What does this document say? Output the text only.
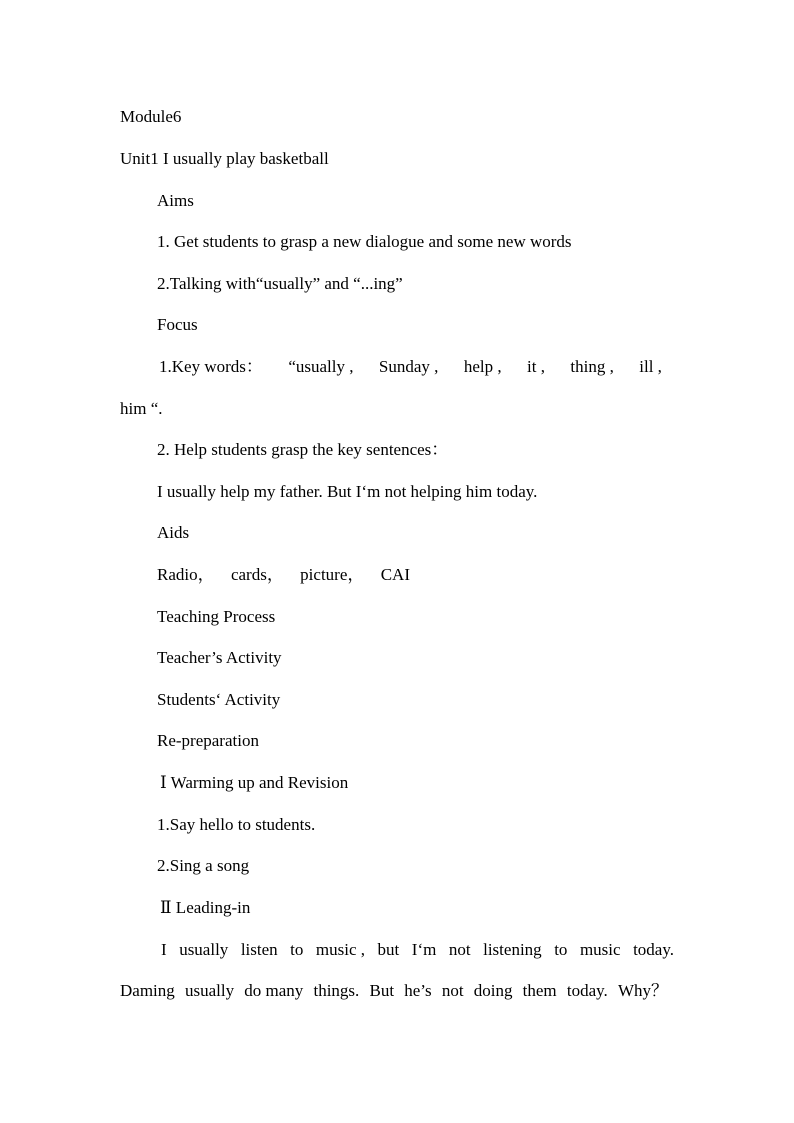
Module6
Unit1 I usually play basketball
Aims
1. Get students to grasp a new dialogue and some new words
2.Talking with“usually” and “...ing”
Focus
1.Key words： “usually , Sunday , help , it , thing , ill ,
him “.
2. Help students grasp the key sentences：
I usually help my father. But I‘m not helping him today.
Aids
Radio， cards， picture， CAI
Teaching Process
Teacher’s Activity
Students‘ Activity
Re-preparation
Ⅰ Warming up and Revision
1.Say hello to students.
2.Sing a song
Ⅱ Leading-in
I usually listen to music , but I‘m not listening to music today.
Daming usually do many things. But he’s not doing them today. Why？
